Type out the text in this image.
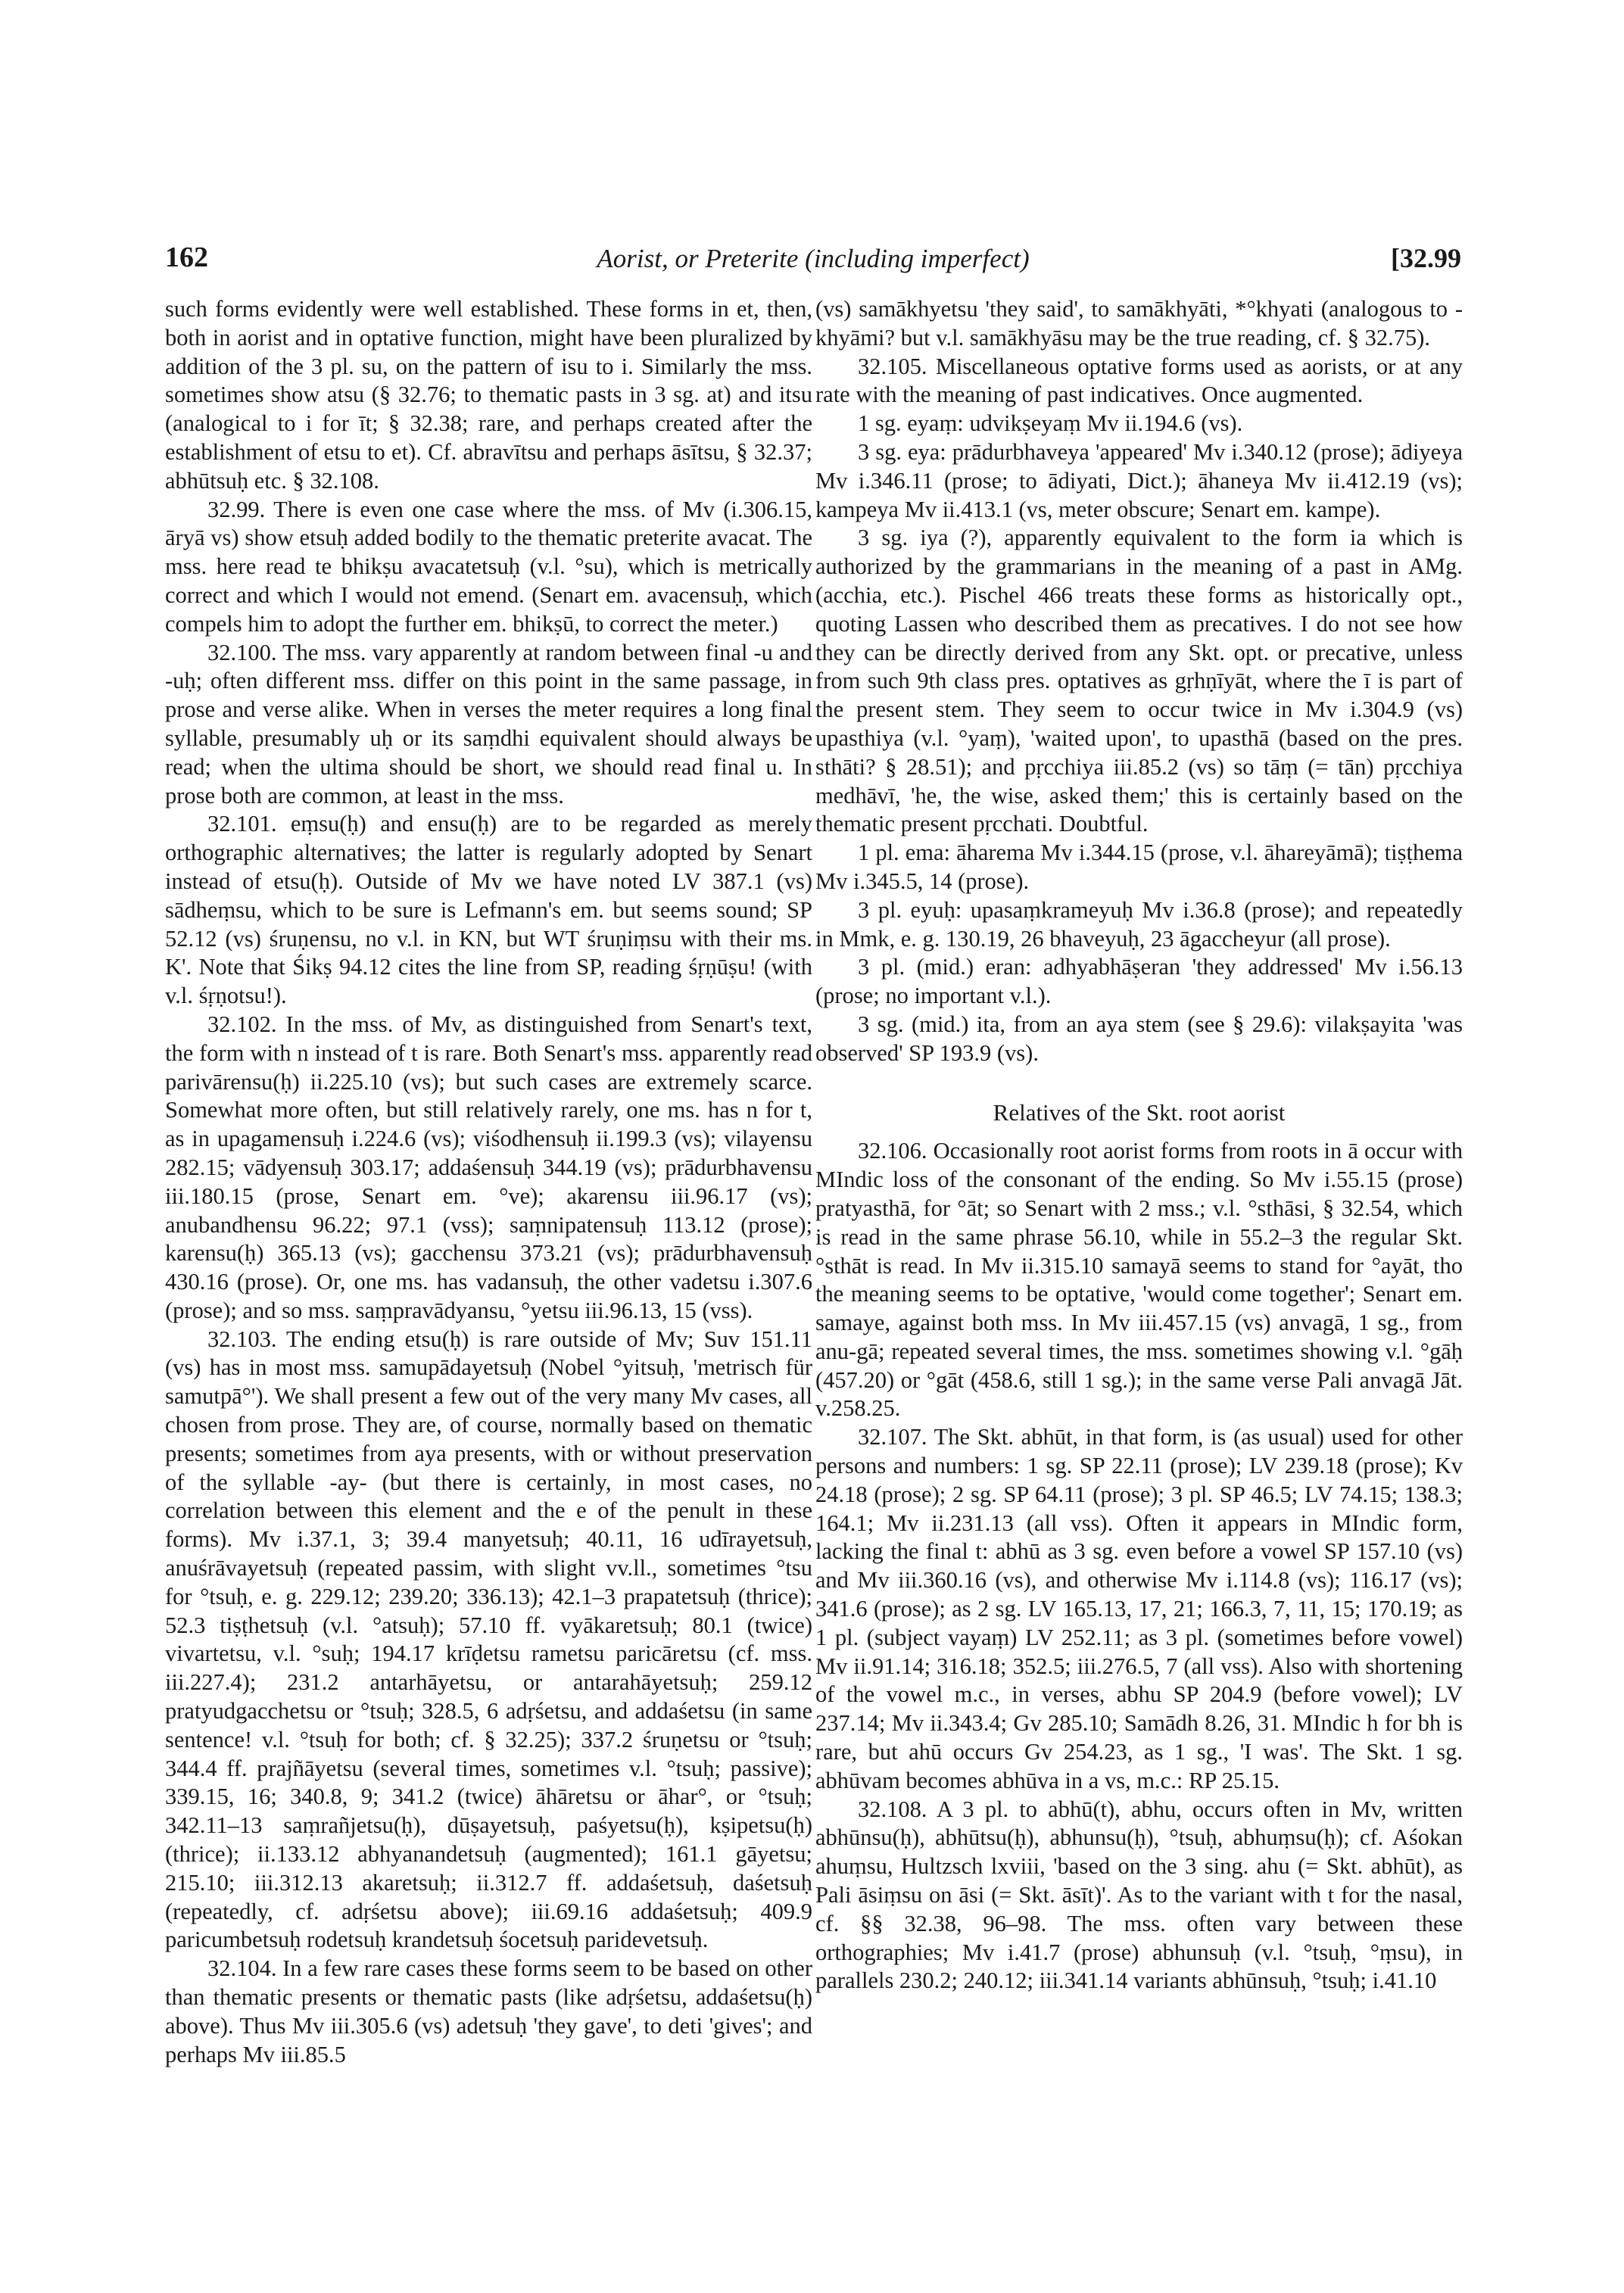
162	Aorist, or Preterite (including imperfect)	[32.99

such forms evidently were well established. These forms in et, then, both in aorist and in optative function, might have been pluralized by addition of the 3 pl. su, on the pattern of isu to i. Similarly the mss. sometimes show atsu (§ 32.76; to thematic pasts in 3 sg. at) and itsu (analogical to i for īt; § 32.38; rare, and perhaps created after the establishment of etsu to et). Cf. abravītsu and perhaps āsītsu, § 32.37; abhūtsuḥ etc. § 32.108.

32.99. There is even one case where the mss. of Mv (i.306.15, āryā vs) show etsuḥ added bodily to the thematic preterite avacat. The mss. here read te bhikṣu avacatetsuḥ (v.l. °su), which is metrically correct and which I would not emend. (Senart em. avacensuḥ, which compels him to adopt the further em. bhikṣū, to correct the meter.)

32.100. The mss. vary apparently at random between final -u and -uḥ; often different mss. differ on this point in the same passage, in prose and verse alike. When in verses the meter requires a long final syllable, presumably uḥ or its saṃdhi equivalent should always be read; when the ultima should be short, we should read final u. In prose both are common, at least in the mss.

32.101. eṃsu(ḥ) and ensu(ḥ) are to be regarded as merely orthographic alternatives; the latter is regularly adopted by Senart instead of etsu(ḥ). Outside of Mv we have noted LV 387.1 (vs) sādheṃsu, which to be sure is Lefmann's em. but seems sound; SP 52.12 (vs) śruṇensu, no v.l. in KN, but WT śruṇiṃsu with their ms. K'. Note that Śikṣ 94.12 cites the line from SP, reading śṛṇūṣu! (with v.l. śṛṇotsu!).

32.102. In the mss. of Mv, as distinguished from Senart's text, the form with n instead of t is rare. Both Senart's mss. apparently read parivārensu(ḥ) ii.225.10 (vs); but such cases are extremely scarce. Somewhat more often, but still relatively rarely, one ms. has n for t, as in upagamensuḥ i.224.6 (vs); viśodhensuḥ ii.199.3 (vs); vilayensu 282.15; vādyensuḥ 303.17; addaśensuḥ 344.19 (vs); prādurbhavensu iii.180.15 (prose, Senart em. °ve); akarensu iii.96.17 (vs); anubandhensu 96.22; 97.1 (vss); saṃnipatensuḥ 113.12 (prose); karensu(ḥ) 365.13 (vs); gacchensu 373.21 (vs); prādurbhavensuḥ 430.16 (prose). Or, one ms. has vadansuḥ, the other vadetsu i.307.6 (prose); and so mss. saṃpravādyansu, °yetsu iii.96.13, 15 (vss).

32.103. The ending etsu(ḥ) is rare outside of Mv; Suv 151.11 (vs) has in most mss. samupādayetsuḥ (Nobel °yitsuḥ, 'metrisch für samutpā°'). We shall present a few out of the very many Mv cases, all chosen from prose. They are, of course, normally based on thematic presents; sometimes from aya presents, with or without preservation of the syllable -ay- (but there is certainly, in most cases, no correlation between this element and the e of the penult in these forms). Mv i.37.1, 3; 39.4 manyetsuḥ; 40.11, 16 udīrayetsuḥ, anuśrāvayetsuḥ (repeated passim, with slight vv.ll., sometimes °tsu for °tsuḥ, e. g. 229.12; 239.20; 336.13); 42.1–3 prapatetsuḥ (thrice); 52.3 tiṣṭhetsuḥ (v.l. °atsuḥ); 57.10 ff. vyākaretsuḥ; 80.1 (twice) vivartetsu, v.l. °suḥ; 194.17 krīḍetsu rametsu paricāretsu (cf. mss. iii.227.4); 231.2 antarhāyetsu, or antarahāyetsuḥ; 259.12 pratyudgacchetsu or °tsuḥ; 328.5, 6 adṛśetsu, and addaśetsu (in same sentence! v.l. °tsuḥ for both; cf. § 32.25); 337.2 śruṇetsu or °tsuḥ; 344.4 ff. prajñāyetsu (several times, sometimes v.l. °tsuḥ; passive); 339.15, 16; 340.8, 9; 341.2 (twice) āhāretsu or āhar°, or °tsuḥ; 342.11–13 saṃrañjetsu(ḥ), dūṣayetsuḥ, paśyetsu(ḥ), kṣipetsu(ḥ) (thrice); ii.133.12 abhyanandetsuḥ (augmented); 161.1 gāyetsu; 215.10; iii.312.13 akaretsuḥ; ii.312.7 ff. addaśetsuḥ, daśetsuḥ (repeatedly, cf. adṛśetsu above); iii.69.16 addaśetsuḥ; 409.9 paricumbetsuḥ rodetsuḥ krandetsuḥ śocetsuḥ paridevetsuḥ.

32.104. In a few rare cases these forms seem to be based on other than thematic presents or thematic pasts (like adṛśetsu, addaśetsu(ḥ) above). Thus Mv iii.305.6 (vs) adetsuḥ 'they gave', to deti 'gives'; and perhaps Mv iii.85.5

(vs) samākhyetsu 'they said', to samākhyāti, *°khyati (analogous to -khyāmi? but v.l. samākhyāsu may be the true reading, cf. § 32.75).

32.105. Miscellaneous optative forms used as aorists, or at any rate with the meaning of past indicatives. Once augmented.

1 sg. eyaṃ: udvikṣeyaṃ Mv ii.194.6 (vs).

3 sg. eya: prādurbhaveya 'appeared' Mv i.340.12 (prose); ādiyeya Mv i.346.11 (prose; to ādiyati, Dict.); āhaneya Mv ii.412.19 (vs); kampeya Mv ii.413.1 (vs, meter obscure; Senart em. kampe).

3 sg. iya (?), apparently equivalent to the form ia which is authorized by the grammarians in the meaning of a past in AMg. (acchia, etc.). Pischel 466 treats these forms as historically opt., quoting Lassen who described them as precatives. I do not see how they can be directly derived from any Skt. opt. or precative, unless from such 9th class pres. optatives as gṛhṇīyāt, where the ī is part of the present stem. They seem to occur twice in Mv i.304.9 (vs) upasthiya (v.l. °yaṃ), 'waited upon', to upasthā (based on the pres. sthāti? § 28.51); and pṛcchiya iii.85.2 (vs) so tāṃ (= tān) pṛcchiya medhāvī, 'he, the wise, asked them;' this is certainly based on the thematic present pṛcchati. Doubtful.

1 pl. ema: āharema Mv i.344.15 (prose, v.l. āhareyāmā); tiṣṭhema Mv i.345.5, 14 (prose).

3 pl. eyuḥ: upasaṃkrameyuḥ Mv i.36.8 (prose); and repeatedly in Mmk, e. g. 130.19, 26 bhaveyuḥ, 23 āgaccheyur (all prose).

3 pl. (mid.) eran: adhyabhāṣeran 'they addressed' Mv i.56.13 (prose; no important v.l.).

3 sg. (mid.) ita, from an aya stem (see § 29.6): vilakṣayita 'was observed' SP 193.9 (vs).

Relatives of the Skt. root aorist

32.106. Occasionally root aorist forms from roots in ā occur with MIndic loss of the consonant of the ending. So Mv i.55.15 (prose) pratyasthā, for °āt; so Senart with 2 mss.; v.l. °sthāsi, § 32.54, which is read in the same phrase 56.10, while in 55.2–3 the regular Skt. °sthāt is read. In Mv ii.315.10 samayā seems to stand for °ayāt, tho the meaning seems to be optative, 'would come together'; Senart em. samaye, against both mss. In Mv iii.457.15 (vs) anvagā, 1 sg., from anu-gā; repeated several times, the mss. sometimes showing v.l. °gāḥ (457.20) or °gāt (458.6, still 1 sg.); in the same verse Pali anvagā Jāt. v.258.25.

32.107. The Skt. abhūt, in that form, is (as usual) used for other persons and numbers: 1 sg. SP 22.11 (prose); LV 239.18 (prose); Kv 24.18 (prose); 2 sg. SP 64.11 (prose); 3 pl. SP 46.5; LV 74.15; 138.3; 164.1; Mv ii.231.13 (all vss). Often it appears in MIndic form, lacking the final t: abhū as 3 sg. even before a vowel SP 157.10 (vs) and Mv iii.360.16 (vs), and otherwise Mv i.114.8 (vs); 116.17 (vs); 341.6 (prose); as 2 sg. LV 165.13, 17, 21; 166.3, 7, 11, 15; 170.19; as 1 pl. (subject vayaṃ) LV 252.11; as 3 pl. (sometimes before vowel) Mv ii.91.14; 316.18; 352.5; iii.276.5, 7 (all vss). Also with shortening of the vowel m.c., in verses, abhu SP 204.9 (before vowel); LV 237.14; Mv ii.343.4; Gv 285.10; Samādh 8.26, 31. MIndic h for bh is rare, but ahū occurs Gv 254.23, as 1 sg., 'I was'. The Skt. 1 sg. abhūvam becomes abhūva in a vs, m.c.: RP 25.15.

32.108. A 3 pl. to abhū(t), abhu, occurs often in Mv, written abhūnsu(ḥ), abhūtsu(ḥ), abhunsu(ḥ), °tsuḥ, abhuṃsu(ḥ); cf. Aśokan ahuṃsu, Hultzsch lxviii, 'based on the 3 sing. ahu (= Skt. abhūt), as Pali āsiṃsu on āsi (= Skt. āsīt)'. As to the variant with t for the nasal, cf. §§ 32.38, 96–98. The mss. often vary between these orthographies; Mv i.41.7 (prose) abhunsuḥ (v.l. °tsuḥ, °ṃsu), in parallels 230.2; 240.12; iii.341.14 variants abhūnsuḥ, °tsuḥ; i.41.10
